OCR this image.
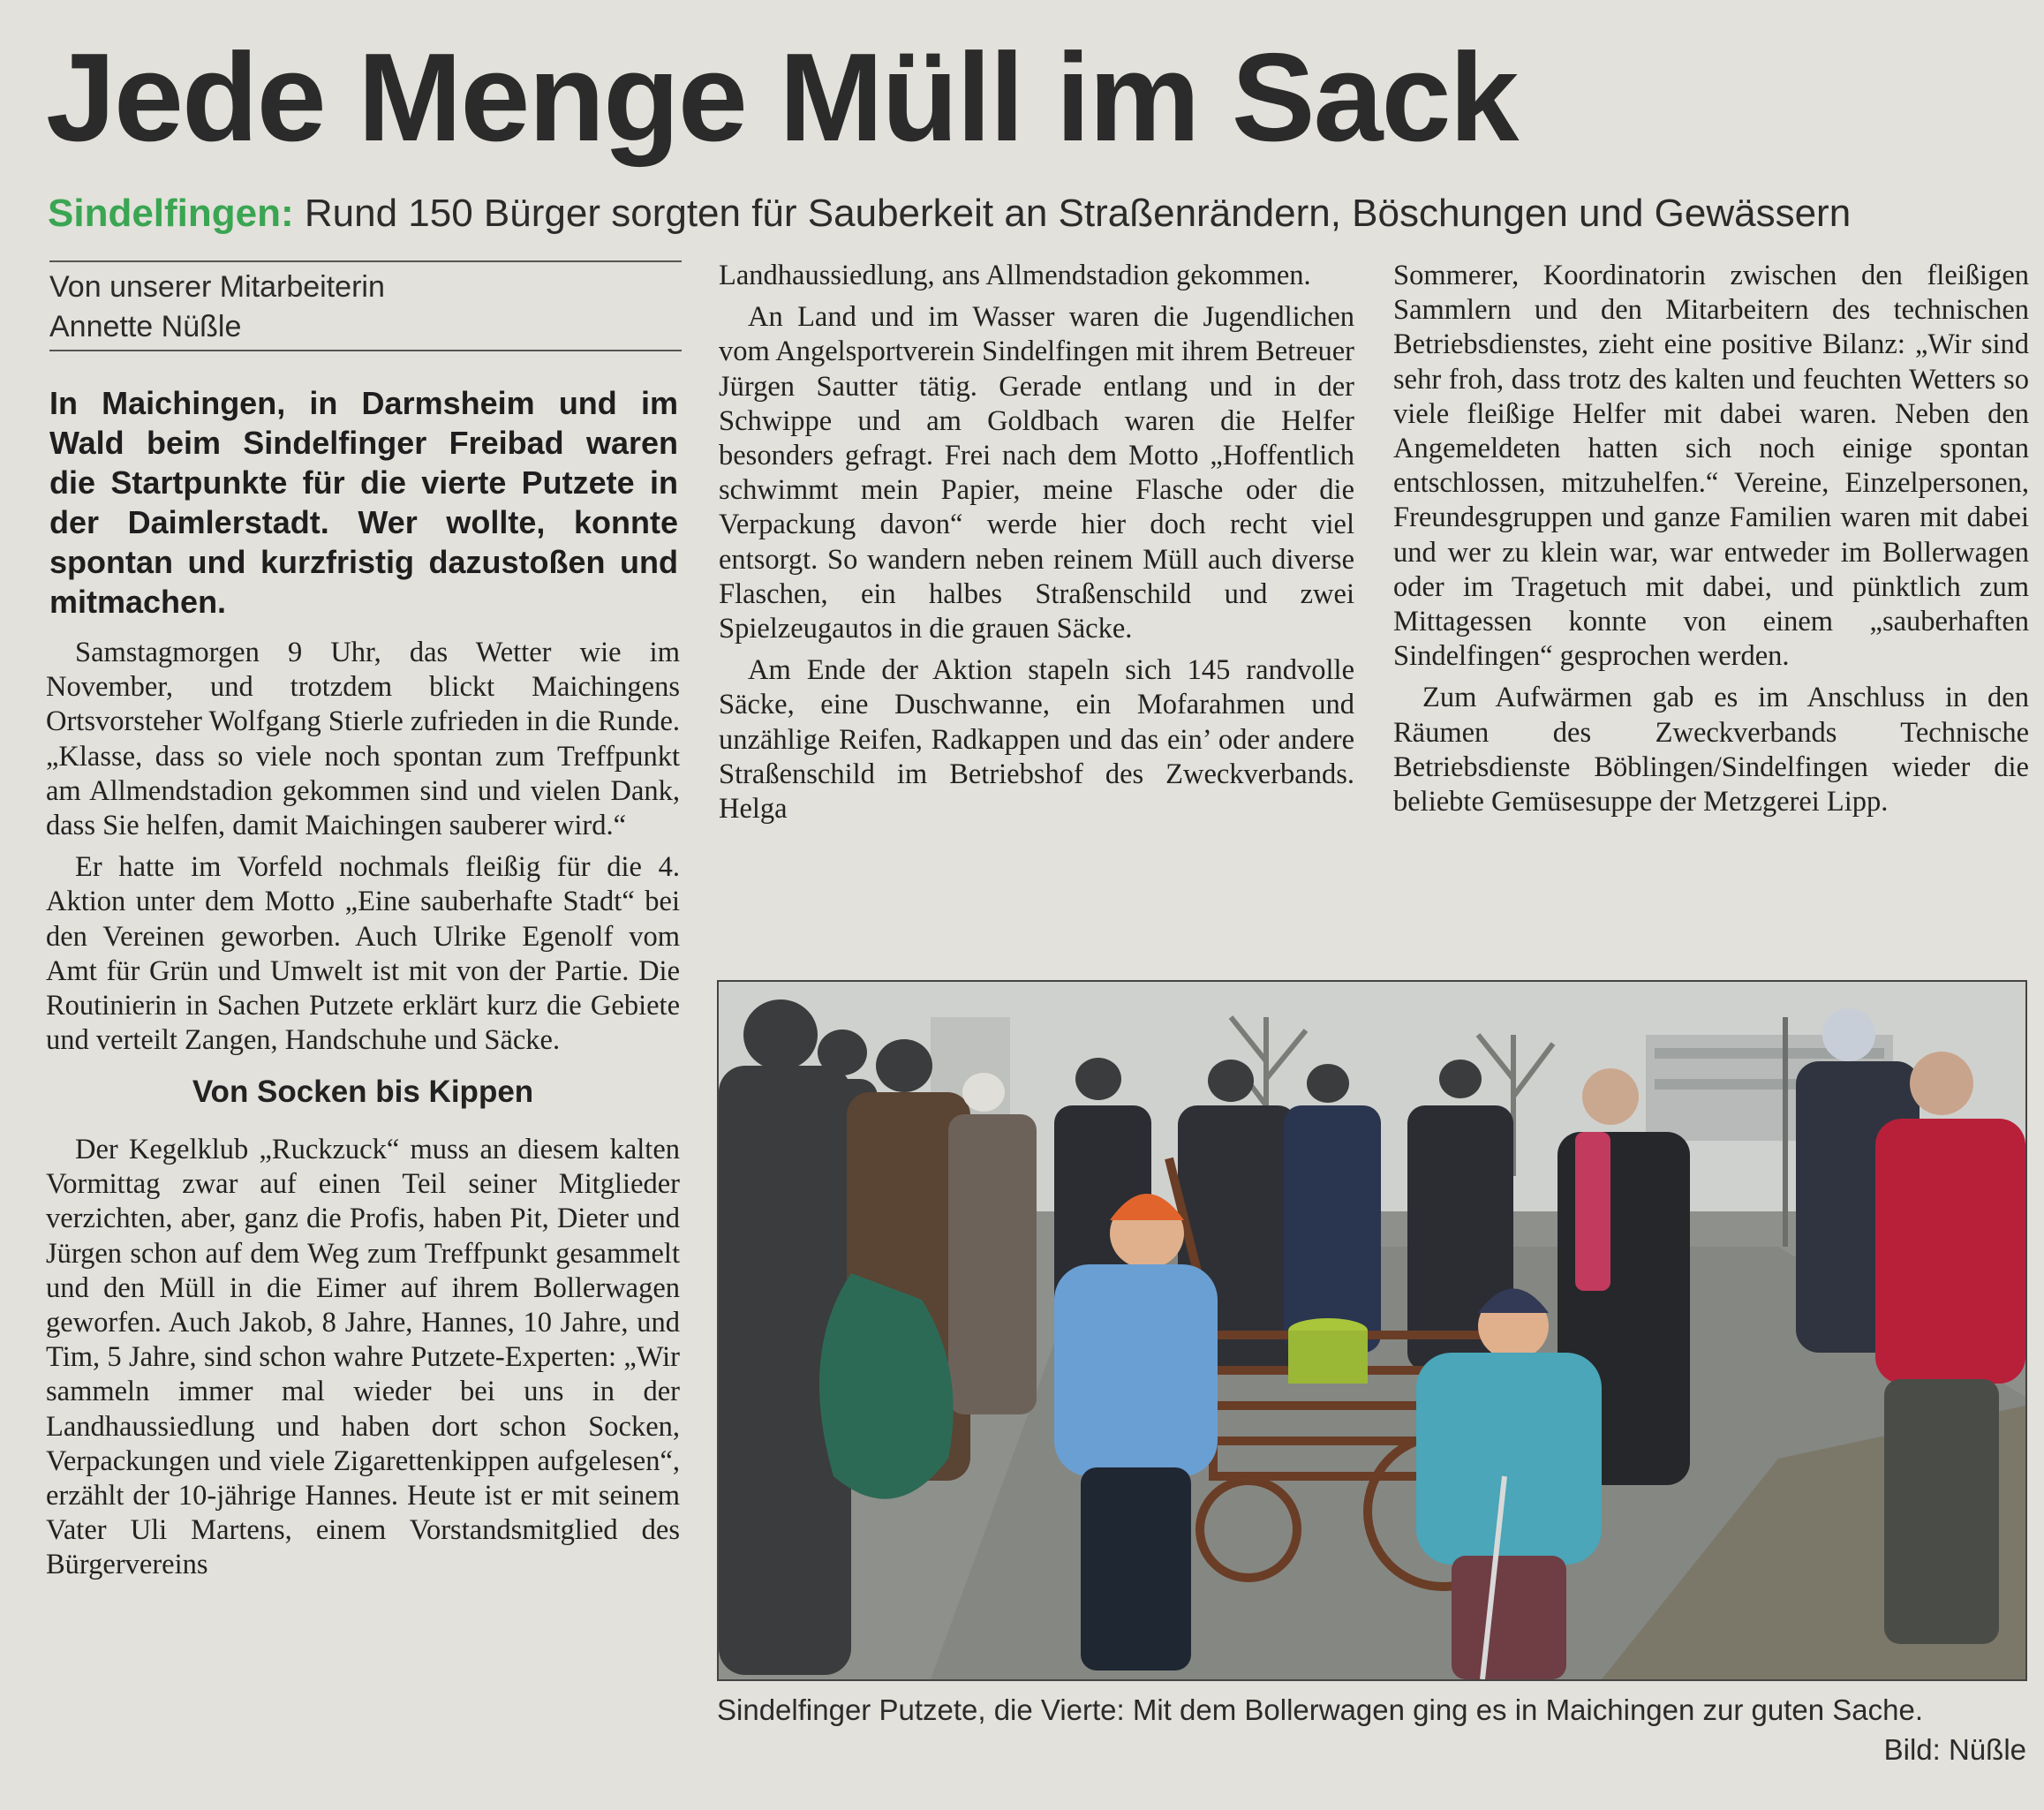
Jede Menge Müll im Sack
Sindelfingen: Rund 150 Bürger sorgten für Sauberkeit an Straßenrändern, Böschungen und Gewässern
Von unserer Mitarbeiterin
Annette Nüßle

In Maichingen, in Darmsheim und im Wald beim Sindelfinger Freibad waren die Startpunkte für die vierte Putzete in der Daimlerstadt. Wer wollte, konnte spontan und kurzfristig dazustoßen und mitmachen.

Samstagmorgen 9 Uhr, das Wetter wie im November, und trotzdem blickt Maichingens Ortsvorsteher Wolfgang Stierle zufrieden in die Runde. „Klasse, dass so viele noch spontan zum Treffpunkt am Allmendstadion gekommen sind und vielen Dank, dass Sie helfen, damit Maichingen sauberer wird.“

Er hatte im Vorfeld nochmals fleißig für die 4. Aktion unter dem Motto „Eine sauberhafte Stadt“ bei den Vereinen geworben. Auch Ulrike Egenolf vom Amt für Grün und Umwelt ist mit von der Partie. Die Routinierin in Sachen Putzete erklärt kurz die Gebiete und verteilt Zangen, Handschuhe und Säcke.

Von Socken bis Kippen

Der Kegelklub „Ruckzuck“ muss an diesem kalten Vormittag zwar auf einen Teil seiner Mitglieder verzichten, aber, ganz die Profis, haben Pit, Dieter und Jürgen schon auf dem Weg zum Treffpunkt gesammelt und den Müll in die Eimer auf ihrem Bollerwagen geworfen. Auch Jakob, 8 Jahre, Hannes, 10 Jahre, und Tim, 5 Jahre, sind schon wahre Putzete-Experten: „Wir sammeln immer mal wieder bei uns in der Landhaussiedlung und haben dort schon Socken, Verpackungen und viele Zigarettenkippen aufgelesen“, erzählt der 10-jährige Hannes. Heute ist er mit seinem Vater Uli Martens, einem Vorstandsmitglied des Bürgervereins

Landhaussiedlung, ans Allmendstadion gekommen.

An Land und im Wasser waren die Jugendlichen vom Angelsportverein Sindelfingen mit ihrem Betreuer Jürgen Sautter tätig. Gerade entlang und in der Schwippe und am Goldbach waren die Helfer besonders gefragt. Frei nach dem Motto „Hoffentlich schwimmt mein Papier, meine Flasche oder die Verpackung davon“ werde hier doch recht viel entsorgt. So wandern neben reinem Müll auch diverse Flaschen, ein halbes Straßenschild und zwei Spielzeugautos in die grauen Säcke.

Am Ende der Aktion stapeln sich 145 randvolle Säcke, eine Duschwanne, ein Mofarahmen und unzählige Reifen, Radkappen und das ein’ oder andere Straßenschild im Betriebshof des Zweckverbands. Helga

Sommerer, Koordinatorin zwischen den fleißigen Sammlern und den Mitarbeitern des technischen Betriebsdienstes, zieht eine positive Bilanz: „Wir sind sehr froh, dass trotz des kalten und feuchten Wetters so viele fleißige Helfer mit dabei waren. Neben den Angemeldeten hatten sich noch einige spontan entschlossen, mitzuhelfen.“ Vereine, Einzelpersonen, Freundesgruppen und ganze Familien waren mit dabei und wer zu klein war, war entweder im Bollerwagen oder im Tragetuch mit dabei, und pünktlich zum Mittagessen konnte von einem „sauberhaften Sindelfingen“ gesprochen werden.

Zum Aufwärmen gab es im Anschluss in den Räumen des Zweckverbands Technische Betriebsdienste Böblingen/Sindelfingen wieder die beliebte Gemüsesuppe der Metzgerei Lipp.

Sindelfinger Putzete, die Vierte: Mit dem Bollerwagen ging es in Maichingen zur guten Sache.
Bild: Nüßle
